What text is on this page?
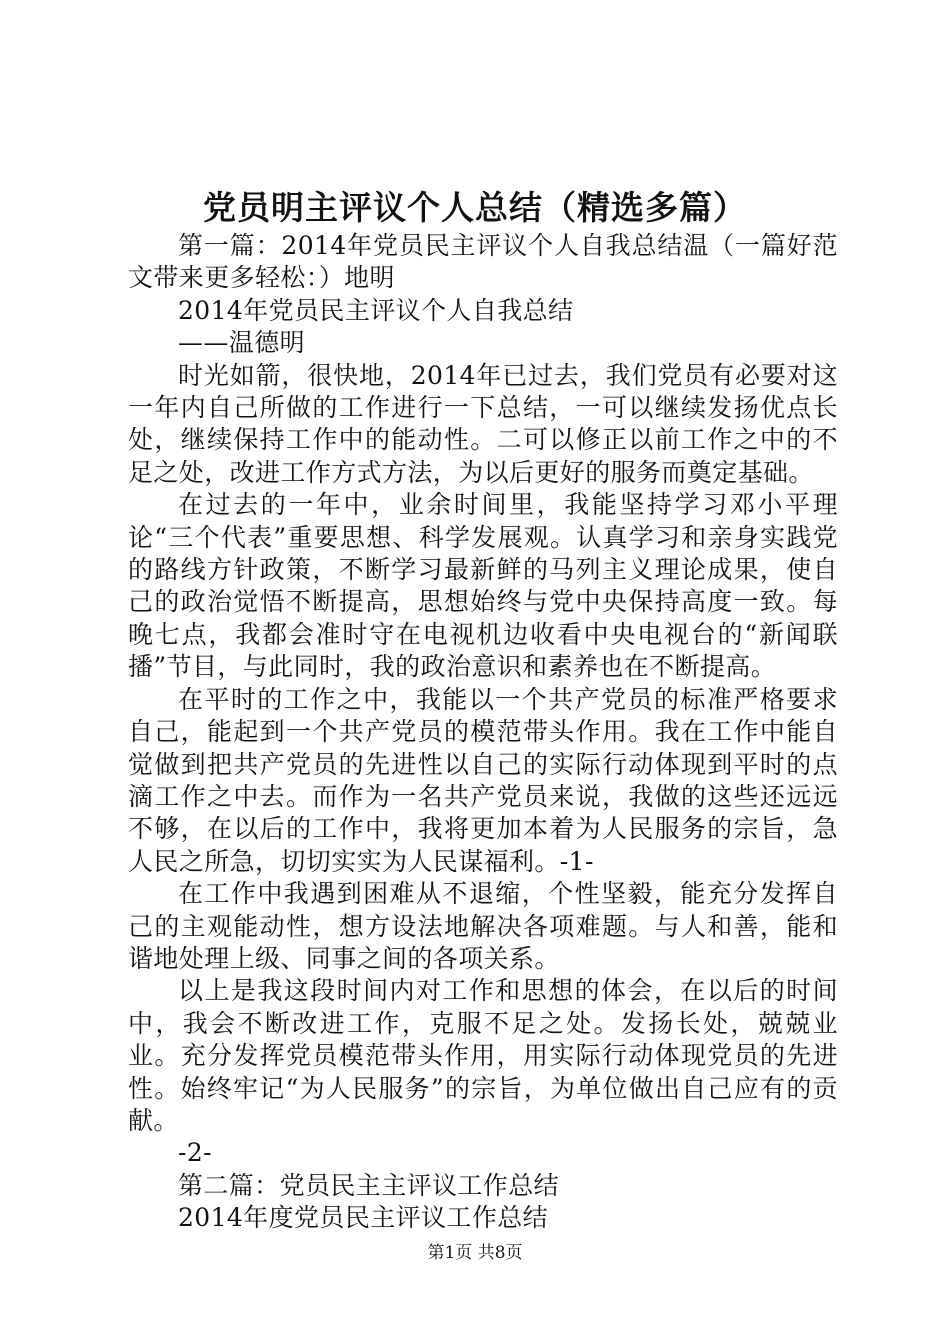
党员明主评议个人总结（精选多篇）

第一篇：2014年党员民主评议个人自我总结温（一篇好范文带来更多轻松：）地明

2014年党员民主评议个人自我总结

——温德明

时光如箭，很快地，2014年已过去，我们党员有必要对这一年内自己所做的工作进行一下总结，一可以继续发扬优点长处，继续保持工作中的能动性。二可以修正以前工作之中的不足之处，改进工作方式方法，为以后更好的服务而奠定基础。

在过去的一年中，业余时间里，我能坚持学习邓小平理论“三个代表”重要思想、科学发展观。认真学习和亲身实践党的路线方针政策，不断学习最新鲜的马列主义理论成果，使自己的政治觉悟不断提高，思想始终与党中央保持高度一致。每晚七点，我都会准时守在电视机边收看中央电视台的“新闻联播”节目，与此同时，我的政治意识和素养也在不断提高。

在平时的工作之中，我能以一个共产党员的标准严格要求自己，能起到一个共产党员的模范带头作用。我在工作中能自觉做到把共产党员的先进性以自己的实际行动体现到平时的点滴工作之中去。而作为一名共产党员来说，我做的这些还远远不够，在以后的工作中，我将更加本着为人民服务的宗旨，急人民之所急，切切实实为人民谋福利。-1-

在工作中我遇到困难从不退缩，个性坚毅，能充分发挥自己的主观能动性，想方设法地解决各项难题。与人和善，能和谐地处理上级、同事之间的各项关系。

以上是我这段时间内对工作和思想的体会，在以后的时间中，我会不断改进工作，克服不足之处。发扬长处，兢兢业业。充分发挥党员模范带头作用，用实际行动体现党员的先进性。始终牢记“为人民服务”的宗旨，为单位做出自己应有的贡献。

-2-

第二篇：党员民主主评议工作总结

2014年度党员民主评议工作总结

第1页 共8页
